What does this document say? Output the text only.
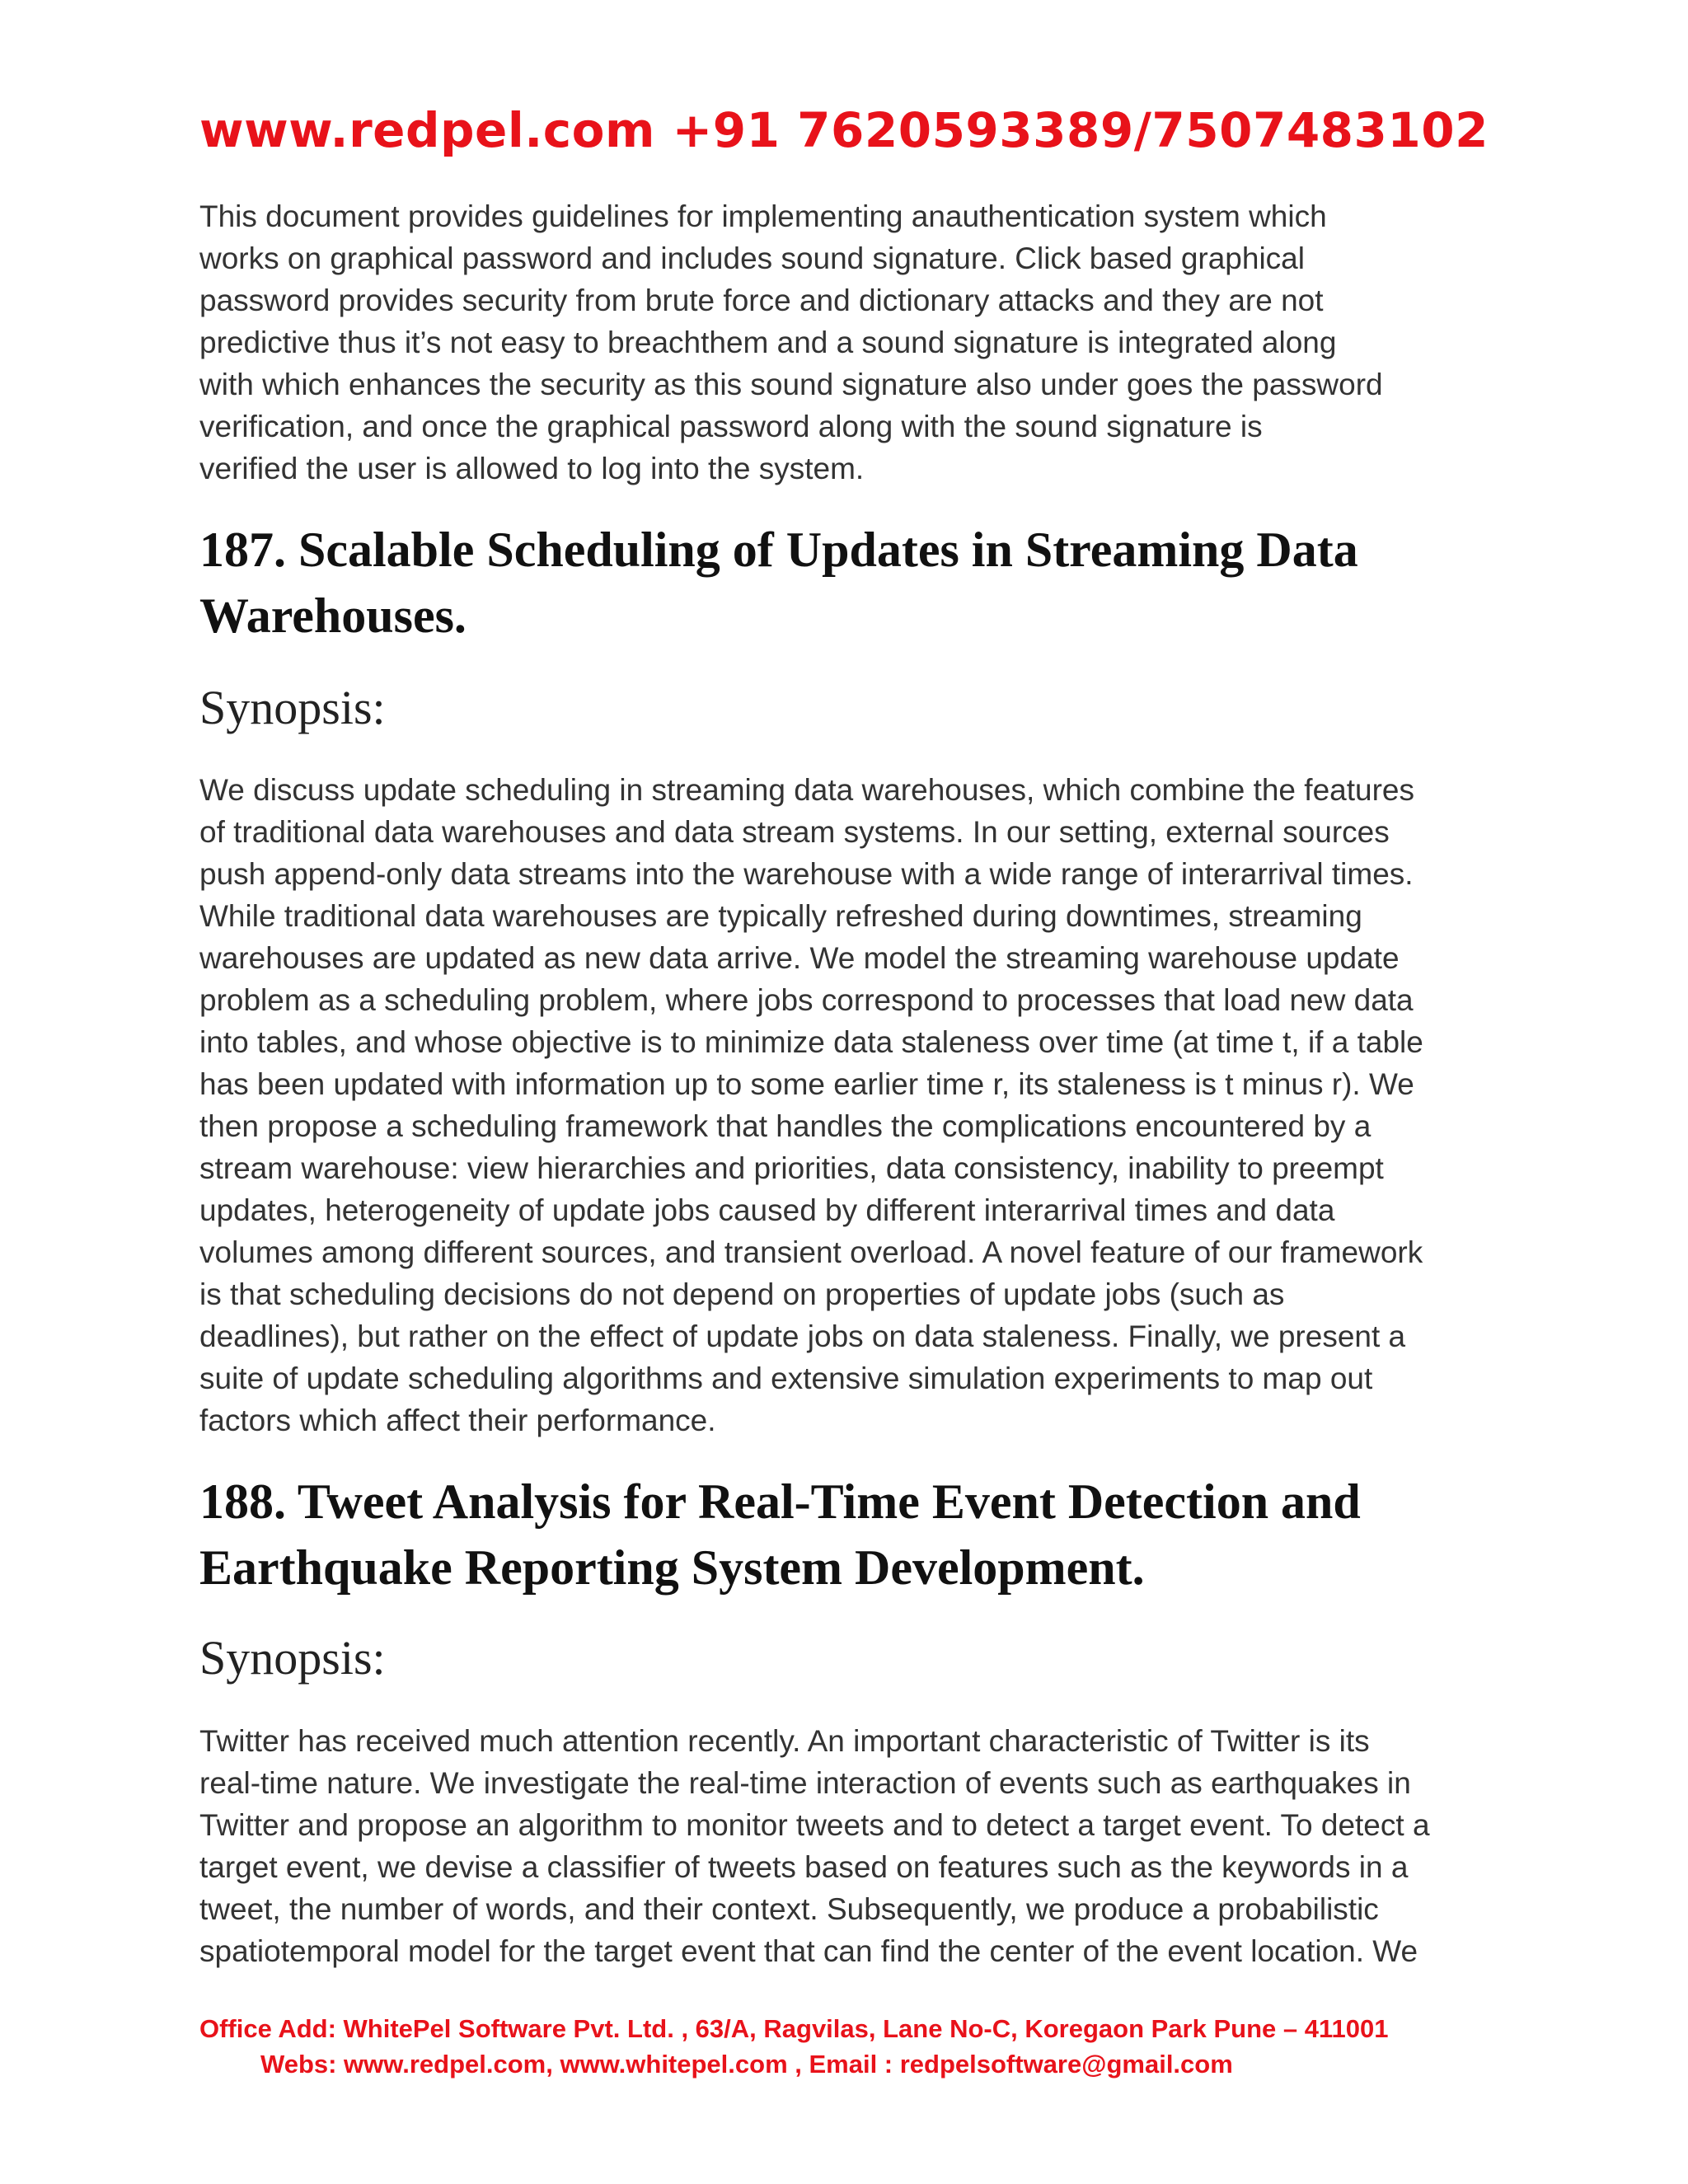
www.redpel.com +91 7620593389/7507483102
This document provides guidelines for implementing anauthentication system which
works on graphical password and includes sound signature. Click based graphical
password provides security from brute force and dictionary attacks and they are not
predictive thus it’s not easy to breachthem and a sound signature is integrated along
with which enhances the security as this sound signature also under goes the password
verification, and once the graphical password along with the sound signature is
verified the user is allowed to log into the system.
187. Scalable Scheduling of Updates in Streaming Data
Warehouses.
Synopsis:
We discuss update scheduling in streaming data warehouses, which combine the features
of traditional data warehouses and data stream systems. In our setting, external sources
push append-only data streams into the warehouse with a wide range of interarrival times.
While traditional data warehouses are typically refreshed during downtimes, streaming
warehouses are updated as new data arrive. We model the streaming warehouse update
problem as a scheduling problem, where jobs correspond to processes that load new data
into tables, and whose objective is to minimize data staleness over time (at time t, if a table
has been updated with information up to some earlier time r, its staleness is t minus r). We
then propose a scheduling framework that handles the complications encountered by a
stream warehouse: view hierarchies and priorities, data consistency, inability to preempt
updates, heterogeneity of update jobs caused by different interarrival times and data
volumes among different sources, and transient overload. A novel feature of our framework
is that scheduling decisions do not depend on properties of update jobs (such as
deadlines), but rather on the effect of update jobs on data staleness. Finally, we present a
suite of update scheduling algorithms and extensive simulation experiments to map out
factors which affect their performance.
188. Tweet Analysis for Real-Time Event Detection and
Earthquake Reporting System Development.
Synopsis:
Twitter has received much attention recently. An important characteristic of Twitter is its
real-time nature. We investigate the real-time interaction of events such as earthquakes in
Twitter and propose an algorithm to monitor tweets and to detect a target event. To detect a
target event, we devise a classifier of tweets based on features such as the keywords in a
tweet, the number of words, and their context. Subsequently, we produce a probabilistic
spatiotemporal model for the target event that can find the center of the event location. We
Office Add: WhitePel Software Pvt. Ltd. , 63/A, Ragvilas, Lane No-C, Koregaon Park Pune – 411001
Webs: www.redpel.com, www.whitepel.com , Email : redpelsoftware@gmail.com
